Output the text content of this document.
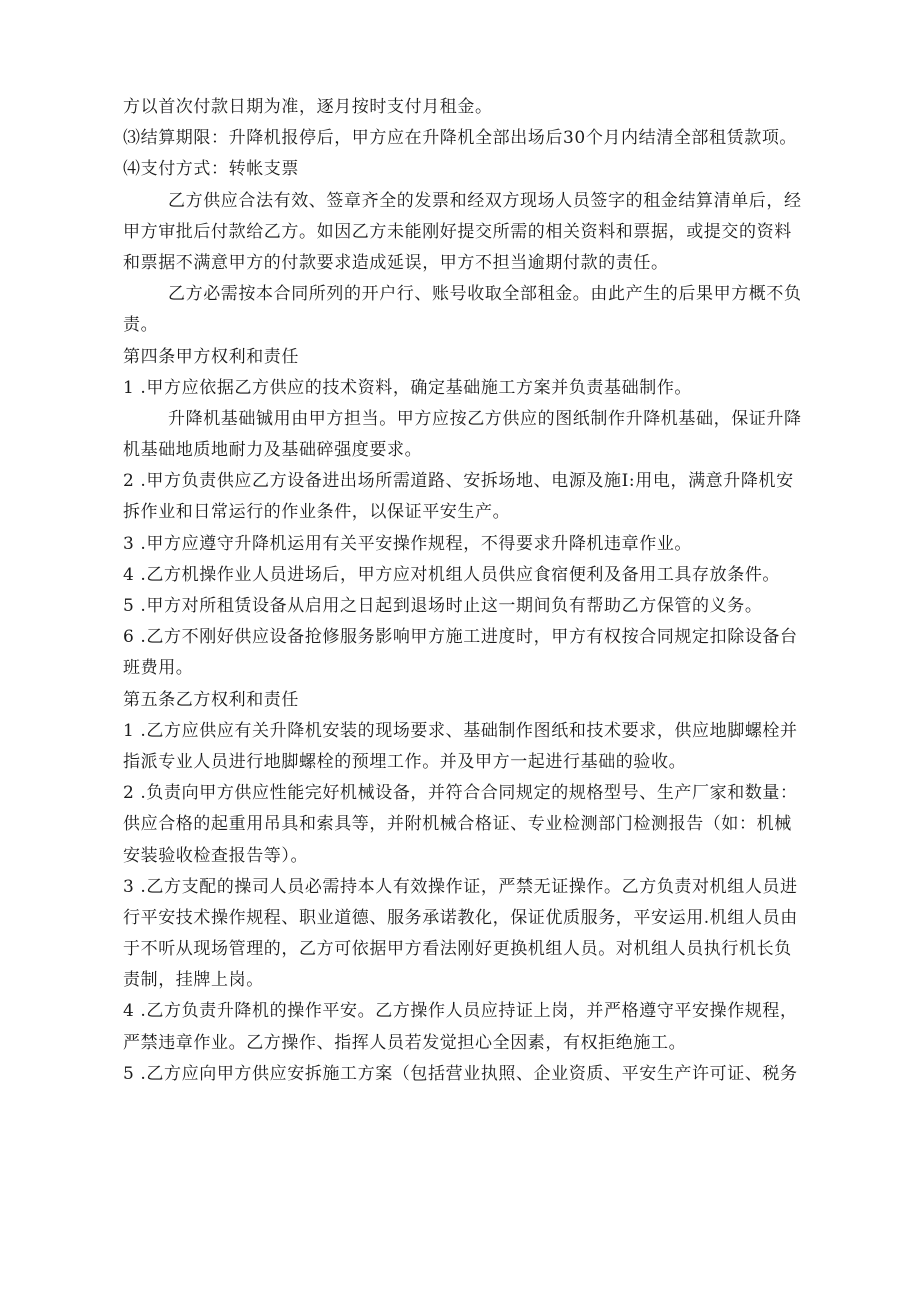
方以首次付款日期为准，逐月按时支付月租金。
⑶结算期限：升降机报停后，甲方应在升降机全部出场后30个月内结清全部租赁款项。
⑷支付方式：转帐支票
乙方供应合法有效、签章齐全的发票和经双方现场人员签字的租金结算清单后，经
甲方审批后付款给乙方。如因乙方未能刚好提交所需的相关资料和票据，或提交的资料
和票据不满意甲方的付款要求造成延误，甲方不担当逾期付款的责任。
乙方必需按本合同所列的开户行、账号收取全部租金。由此产生的后果甲方概不负
责。
第四条甲方权利和责任
1 .甲方应依据乙方供应的技术资料，确定基础施工方案并负责基础制作。
升降机基础铖用由甲方担当。甲方应按乙方供应的图纸制作升降机基础，保证升降
机基础地质地耐力及基础碎强度要求。
2 .甲方负责供应乙方设备进出场所需道路、安拆场地、电源及施I:用电，满意升降机安
拆作业和日常运行的作业条件，以保证平安生产。
3 .甲方应遵守升降机运用有关平安操作规程，不得要求升降机违章作业。
4 .乙方机操作业人员进场后，甲方应对机组人员供应食宿便利及备用工具存放条件。
5 .甲方对所租赁设备从启用之日起到退场时止这一期间负有帮助乙方保管的义务。
6 .乙方不刚好供应设备抢修服务影响甲方施工进度时，甲方有权按合同规定扣除设备台
班费用。
第五条乙方权利和责任
1 .乙方应供应有关升降机安装的现场要求、基础制作图纸和技术要求，供应地脚螺栓并
指派专业人员进行地脚螺栓的预埋工作。并及甲方一起进行基础的验收。
2 .负责向甲方供应性能完好机械设备，并符合合同规定的规格型号、生产厂家和数量：
供应合格的起重用吊具和索具等，并附机械合格证、专业检测部门检测报告（如：机械
安装验收检查报告等）。
3 .乙方支配的操司人员必需持本人有效操作证，严禁无证操作。乙方负责对机组人员进
行平安技术操作规程、职业道德、服务承诺教化，保证优质服务，平安运用.机组人员由
于不听从现场管理的，乙方可依据甲方看法刚好更换机组人员。对机组人员执行机长负
责制，挂牌上岗。
4 .乙方负责升降机的操作平安。乙方操作人员应持证上岗，并严格遵守平安操作规程，
严禁违章作业。乙方操作、指挥人员若发觉担心全因素，有权拒绝施工。
5 .乙方应向甲方供应安拆施工方案（包括营业执照、企业资质、平安生产许可证、税务
